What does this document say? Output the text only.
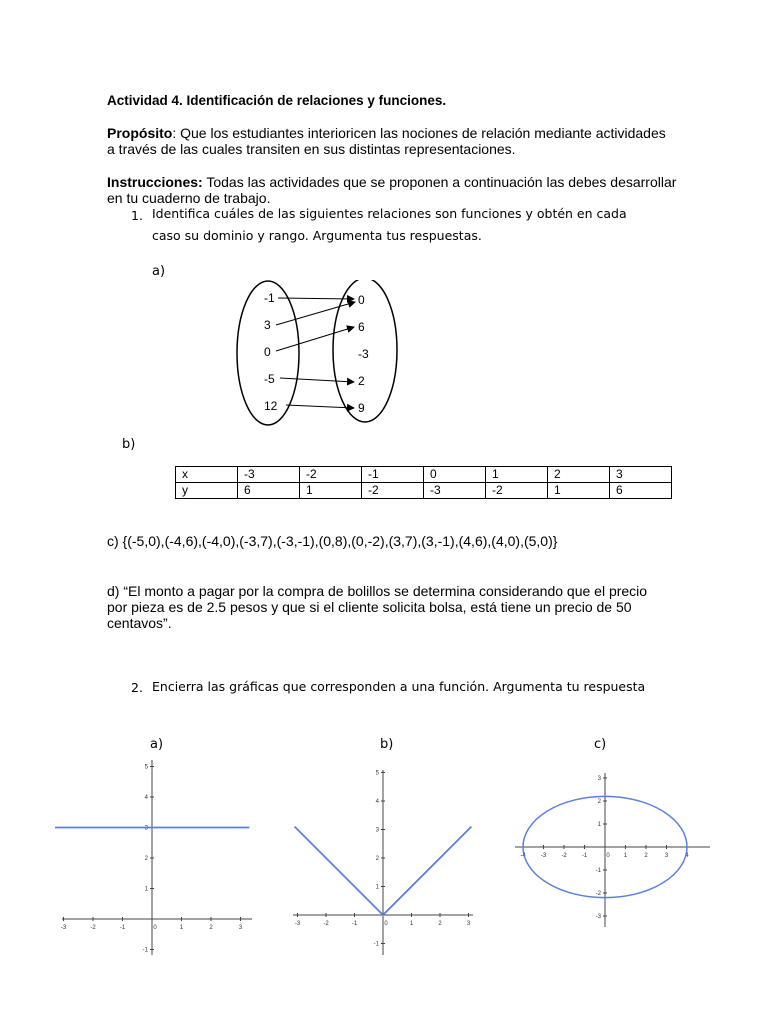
Actividad 4. Identificación de relaciones y funciones.
Propósito: Que los estudiantes interioricen las nociones de relación mediante actividades a través de las cuales transiten en sus distintas representaciones.
Instrucciones: Todas las actividades que se proponen a continuación las debes desarrollar en tu cuaderno de trabajo.
1. Identifica cuáles de las siguientes relaciones son funciones y obtén en cada caso su dominio y rango. Argumenta tus respuestas.
a)
-1
3
0
-5
12
0
6
-3
2
9
b)
x	-3	-2	-1	0	1	2	3
y	6	1	-2	-3	-2	1	6
c) {(-5,0),(-4,6),(-4,0),(-3,7),(-3,-1),(0,8),(0,-2),(3,7),(3,-1),(4,6),(4,0),(5,0)}
d) “El monto a pagar por la compra de bolillos se determina considerando que el precio por pieza es de 2.5 pesos y que si el cliente solicita bolsa, está tiene un precio de 50 centavos”.
2. Encierra las gráficas que corresponden a una función. Argumenta tu respuesta
a)	b)	c)
-3	-2	-1	0	1	2	3
5
4
3
2
1
-1
-3	-2	-1	0	1	2	3
5
4
3
2
1
-1
-4	-3	-2	-1	0 1	2	3	4
3
2
1
-1
-2
-3
